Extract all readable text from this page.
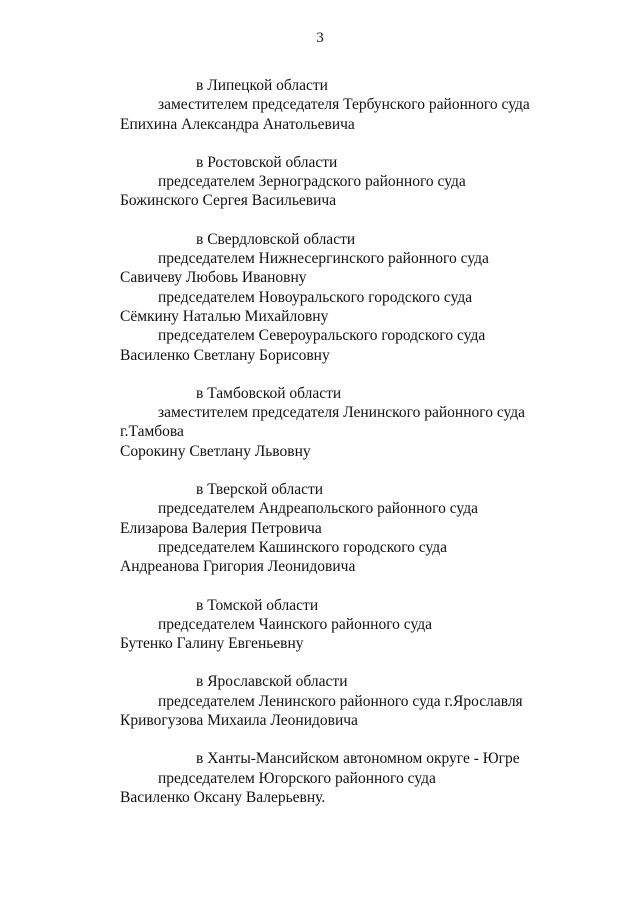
3
в Липецкой области
заместителем председателя Тербунского районного суда
Епихина Александра Анатольевича
в Ростовской области
председателем Зерноградского районного суда
Божинского Сергея Васильевича
в Свердловской области
председателем Нижнесергинского районного суда
Савичеву Любовь Ивановну
председателем Новоуральского городского суда
Сёмкину Наталью Михайловну
председателем Североуральского городского суда
Василенко Светлану Борисовну
в Тамбовской области
заместителем председателя Ленинского районного суда
г.Тамбова
Сорокину Светлану Львовну
в Тверской области
председателем Андреапольского районного суда
Елизарова Валерия Петровича
председателем Кашинского городского суда
Андреанова Григория Леонидовича
в Томской области
председателем Чаинского районного суда
Бутенко Галину Евгеньевну
в Ярославской области
председателем Ленинского районного суда г.Ярославля
Кривогузова Михаила Леонидовича
в Ханты-Мансийском автономном округе - Югре
председателем Югорского районного суда
Василенко Оксану Валерьевну.
